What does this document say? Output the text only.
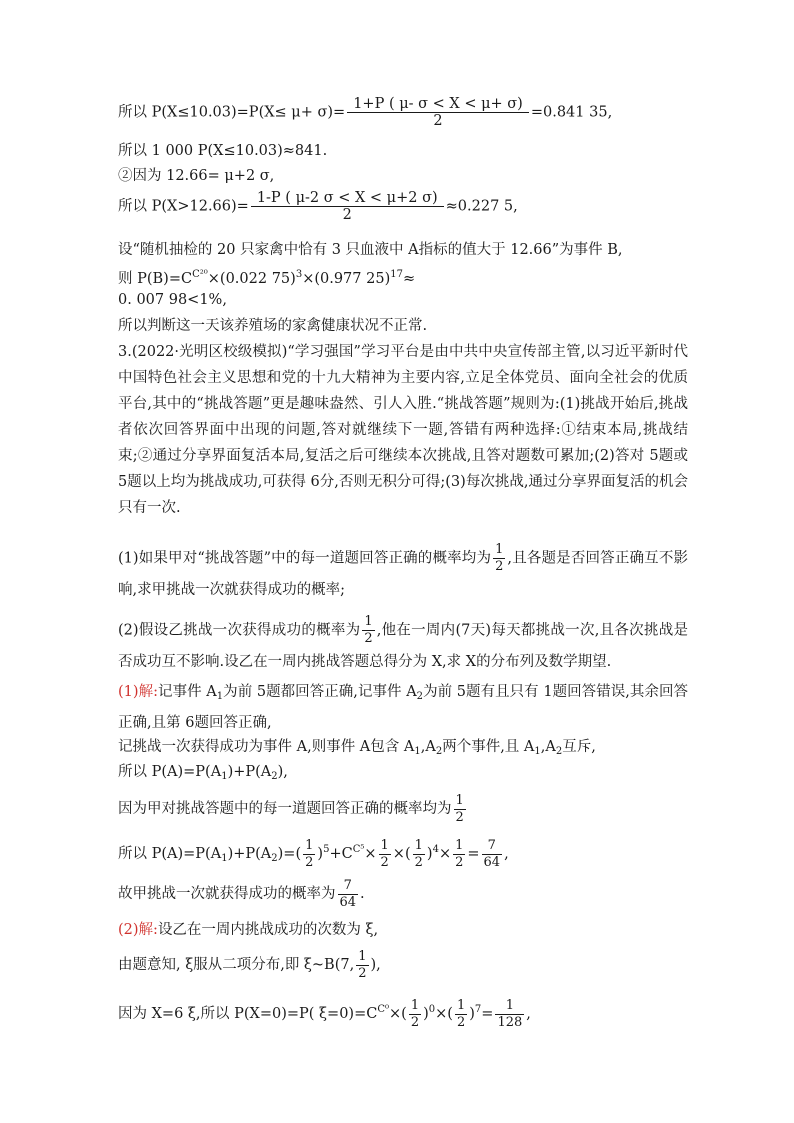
所以 $P(X\le 10.03)=P(X\le \mu+ \sigma)= \frac{1+P ( \mu- \sigma < X < \mu+ \sigma)}{2} =0.841$ 35,
所以 1 000 P(X≤10.03)≈841.
②因为 12.66= μ+2 σ,
所以 $P(X>12.66)= \frac{1-P ( \mu-2 \sigma < X < \mu+2 \sigma)}{2} \approx 0.227$ 5,
设“随机抽检的 20 只家禽中恰有 3 只血液中 A指标的值大于 12.66”为事件 B,
则 $P(B)=C^{C^{20}}\times(0.022$ 75)$^3$×(0.977 25)$^{17}$≈
0. 007 98<1%,
所以判断这一天该养殖场的家禽健康状况不正常.
3.(2022·光明区校级模拟)“学习强国”学习平台是由中共中央宣传部主管,以习近平新时代中国特色社会主义思想和党的十九大精神为主要内容,立足全体党员、面向全社会的优质平台,其中的“挑战答题”更是趣味盎然、引人入胜.“挑战答题”规则为:(1)挑战开始后,挑战者依次回答界面中出现的问题,答对就继续下一题,答错有两种选择:①结束本局,挑战结束;②通过分享界面复活本局,复活之后可继续本次挑战,且答对题数可累加;(2)答对 5题或 5题以上均为挑战成功,可获得 6分,否则无积分可得;(3)每次挑战,通过分享界面复活的机会只有一次.
(1)如果甲对“挑战答题”中的每一道题回答正确的概率均为 $\frac{1}{2}$ ,且各题是否回答正确互不影响,求甲挑战一次就获得成功的概率;
(2)假设乙挑战一次获得成功的概率为 $\frac{1}{2}$ ,他在一周内(7天)每天都挑战一次,且各次挑战是否成功互不影响.设乙在一周内挑战答题总得分为 X,求 X的分布列及数学期望.
(1)解:记事件 $A_1$为前 5题都回答正确,记事件 $A_2$为前 5题有且只有 1题回答错误,其余回答正确,且第 6题回答正确,
记挑战一次获得成功为事件 A,则事件 A包含 $A_1,A_2$两个事件,且 $A_1,A_2$互斥,
所以 $P(A)=P(A_1)+P(A_2)$,
因为甲对挑战答题中的每一道题回答正确的概率均为 $\frac{1}{2}$
所以 $P(A)=P(A_1)+P(A_2)=( \frac{1}{2} )^5+C^{C^5}\times \frac{1}{2}$ ×( $\frac{1}{2} )^4\times \frac{1}{2} = \frac{7}{64}$ ,
故甲挑战一次就获得成功的概率为 $\frac{7}{64}$ .
(2)解:设乙在一周内挑战成功的次数为 ξ,
由题意知, ξ服从二项分布,即 ξ~B(7, $\frac{1}{2}$ ),
因为 X=6 ξ,所以 P(X=0)=P( $\xi=0)=C^{C^0}\times( \frac{1}{2} )^0\times( \frac{1}{2} )^7= \frac{1}{128}$ ,
